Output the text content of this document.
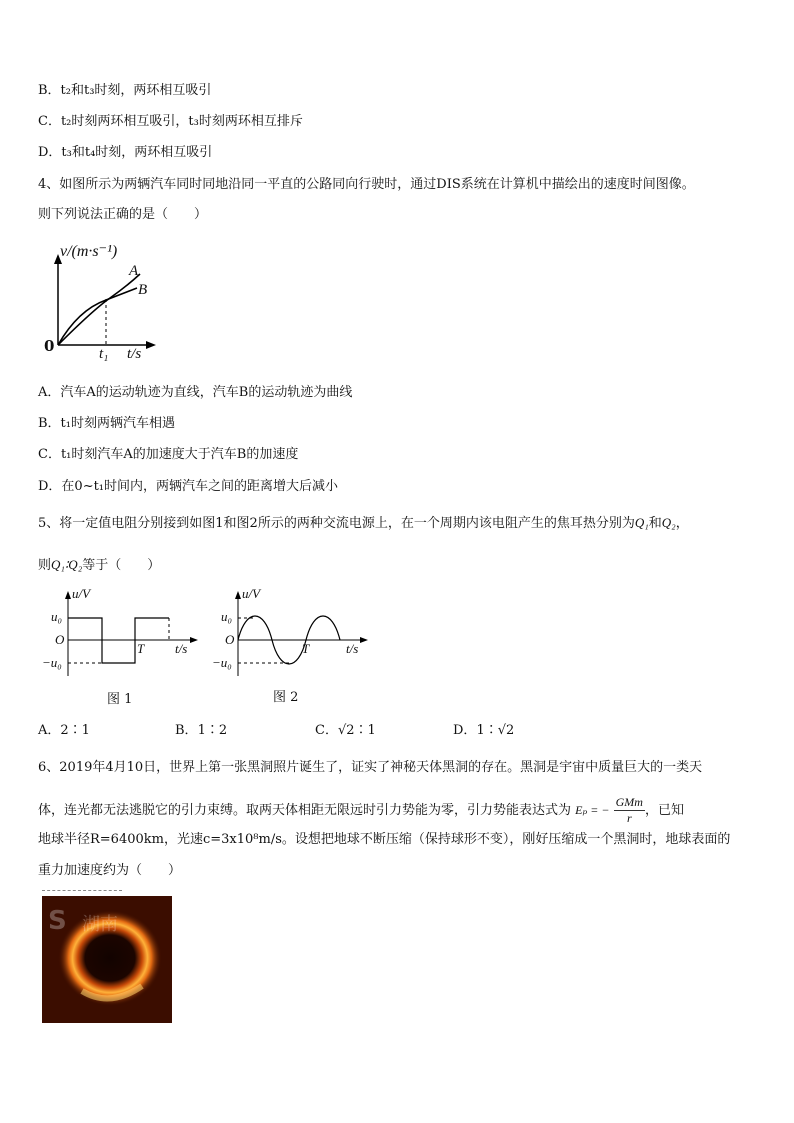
B．t₂和t₃时刻，两环相互吸引
C．t₂时刻两环相互吸引，t₃时刻两环相互排斥
D．t₃和t₄时刻，两环相互吸引
4、如图所示为两辆汽车同时同地沿同一平直的公路同向行驶时，通过DIS系统在计算机中描绘出的速度时间图像。
则下列说法正确的是（　　）
v/(m·s⁻¹)
A
B
0	t₁ t/s
A．汽车A的运动轨迹为直线，汽车B的运动轨迹为曲线
B．t₁时刻两辆汽车相遇
C．t₁时刻汽车A的加速度大于汽车B的加速度
D．在0~t₁时间内，两辆汽车之间的距离增大后减小
5、将一定值电阻分别接到如图1和图2所示的两种交流电源上，在一个周期内该电阻产生的焦耳热分别为Q₁和Q₂，
则Q₁∶Q₂等于（　　）
u/V
u₀
O
−u₀
T t/s
u/V
u₀
O
−u₀
T	t/s
图 1	图 2
A．2∶1	B．1∶2	C．√2∶1	D．1∶√2
6、2019年4月10日，世界上第一张黑洞照片诞生了，证实了神秘天体黑洞的存在。黑洞是宇宙中质量巨大的一类天
体，连光都无法逃脱它的引力束缚。取两天体相距无限远时引力势能为零，引力势能表达式为 Eₚ = − $\frac{\text{GMm}}{r}$ ，已知
地球半径R=6400km，光速c=3x10⁸m/s。设想把地球不断压缩（保持球形不变），刚好压缩成一个黑洞时，地球表面的
重力加速度约为（　　）
S 湖南
